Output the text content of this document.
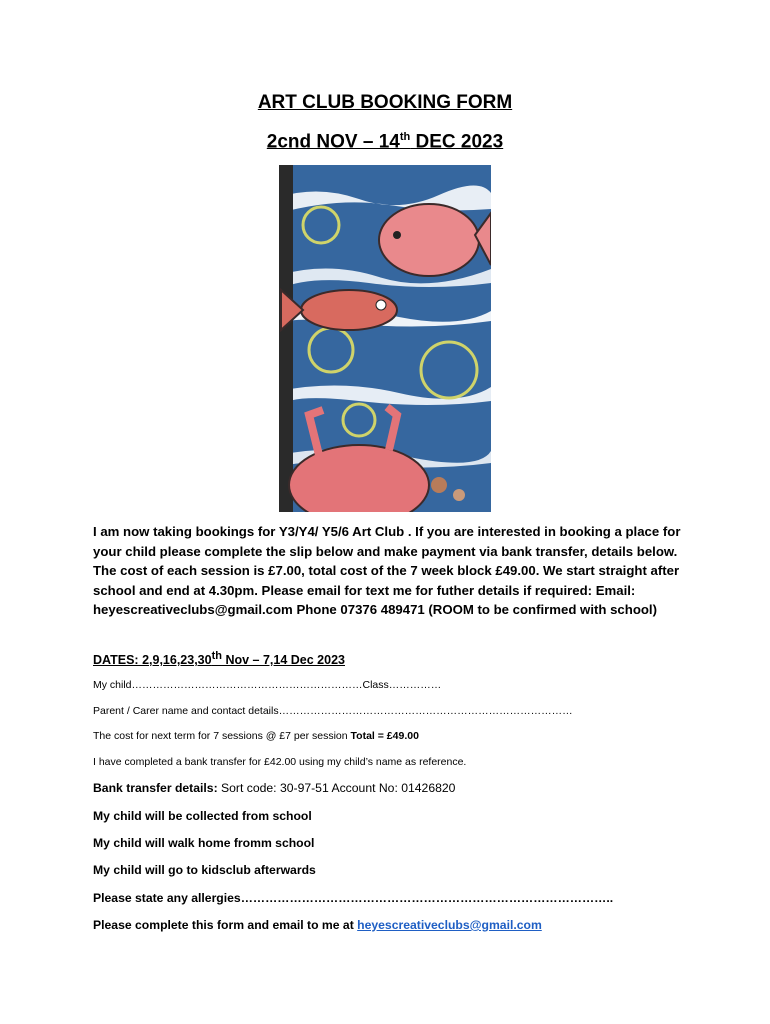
ART CLUB BOOKING FORM
2cnd NOV – 14th DEC 2023
I am now taking bookings for Y3/Y4/ Y5/6 Art Club . If you are interested in booking a place for your child please complete the slip below and make payment via bank transfer, details below. The cost of each session is £7.00, total cost of the 7 week block £49.00. We start straight after school and end at 4.30pm. Please email for text me for futher details if required: Email: heyescreativeclubs@gmail.com Phone 07376 489471 (ROOM to be confirmed with school)
DATES: 2,9,16,23,30th Nov – 7,14 Dec 2023
My child…………………………………………………………Class……………
Parent / Carer name and contact details…………………………………………………………………………
The cost for next term for 7 sessions @ £7 per session Total = £49.00
I have completed a bank transfer for £42.00 using my child’s name as reference.
Bank transfer details: Sort code: 30-97-51 Account No: 01426820
My child will be collected from school
My child will walk home fromm school
My child will go to kidsclub afterwards
Please state any allergies………………………………………………………………………………..
Please complete this form and email to me at heyescreativeclubs@gmail.com
